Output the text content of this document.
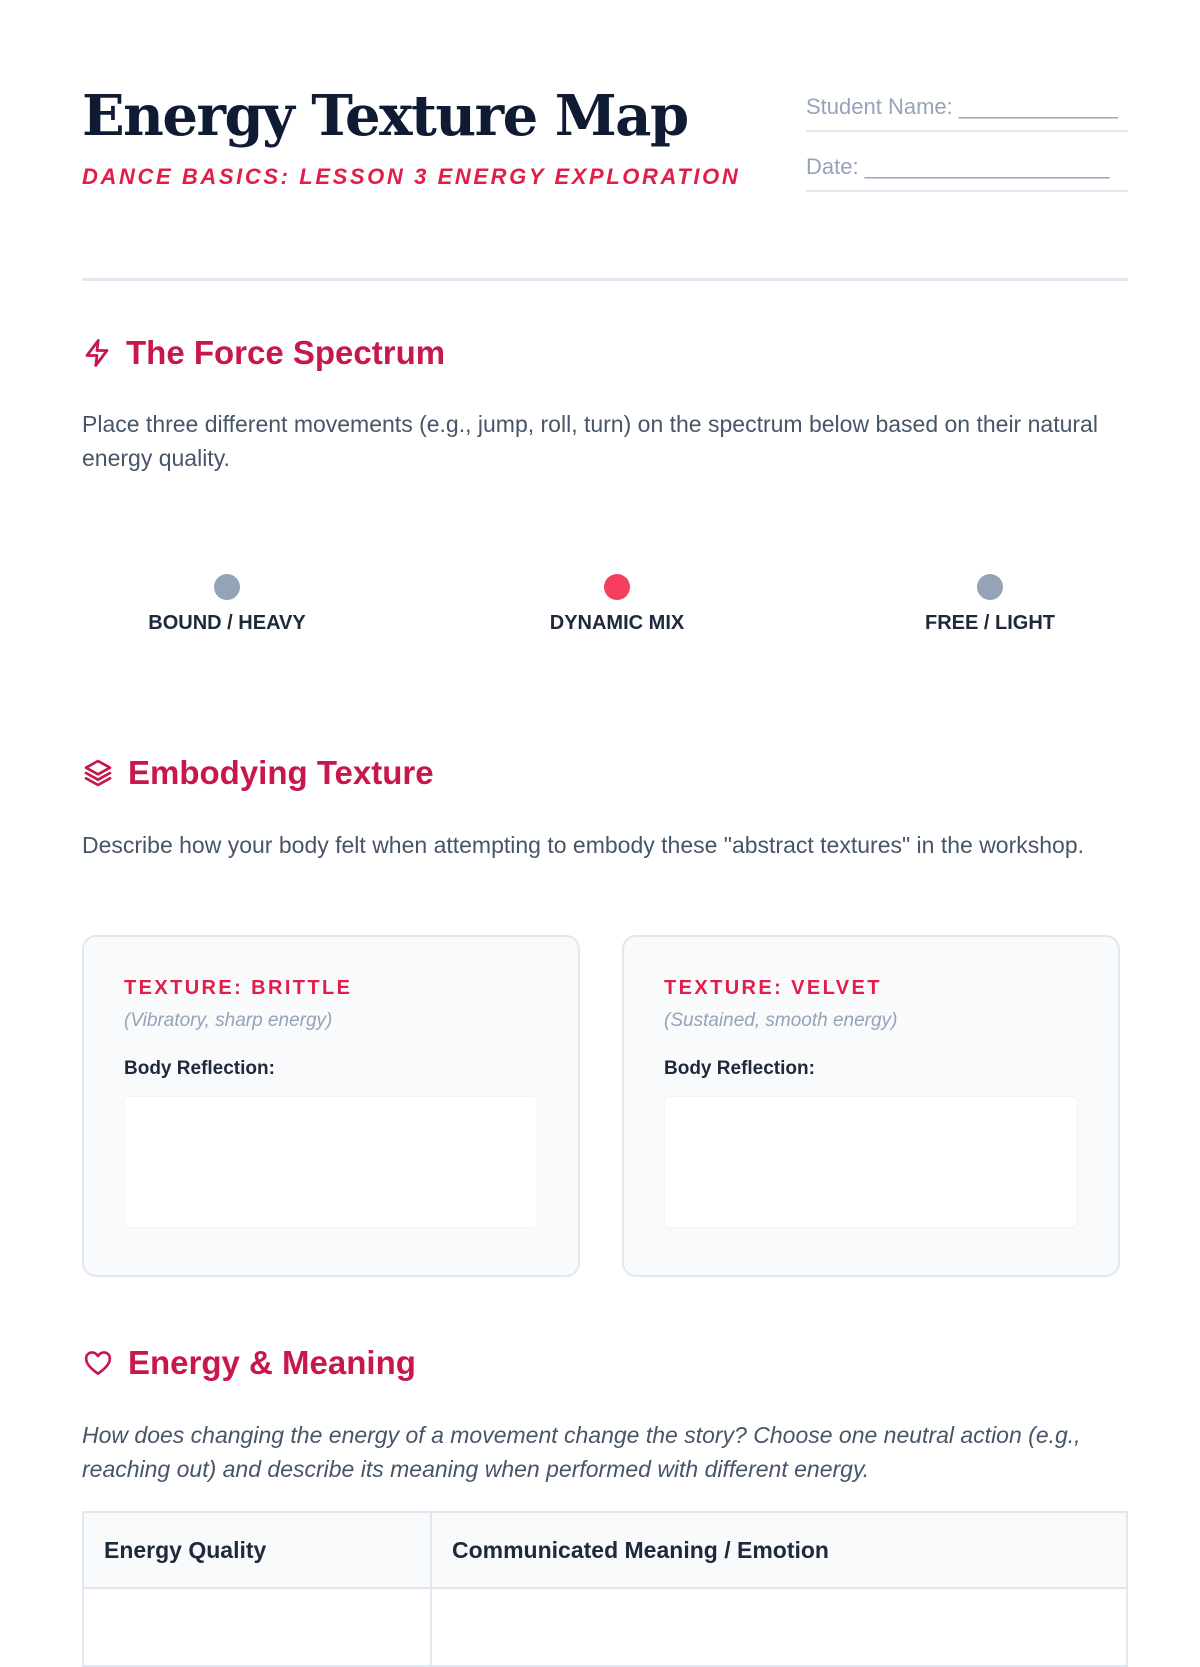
Energy Texture Map

DANCE BASICS: LESSON 3 ENERGY EXPLORATION

Student Name: _____________
Date: ____________________
The Force Spectrum

Place three different movements (e.g., jump, roll, turn) on the spectrum below based on their natural energy quality.

BOUND / HEAVY	DYNAMIC MIX	FREE / LIGHT
Embodying Texture

Describe how your body felt when attempting to embody these "abstract textures" in the workshop.

TEXTURE: BRITTLE
(Vibratory, sharp energy)
Body Reflection:
TEXTURE: VELVET
(Sustained, smooth energy)
Body Reflection:
Energy & Meaning

How does changing the energy of a movement change the story? Choose one neutral action (e.g., reaching out) and describe its meaning when performed with different energy.

Energy Quality	Communicated Meaning / Emotion
